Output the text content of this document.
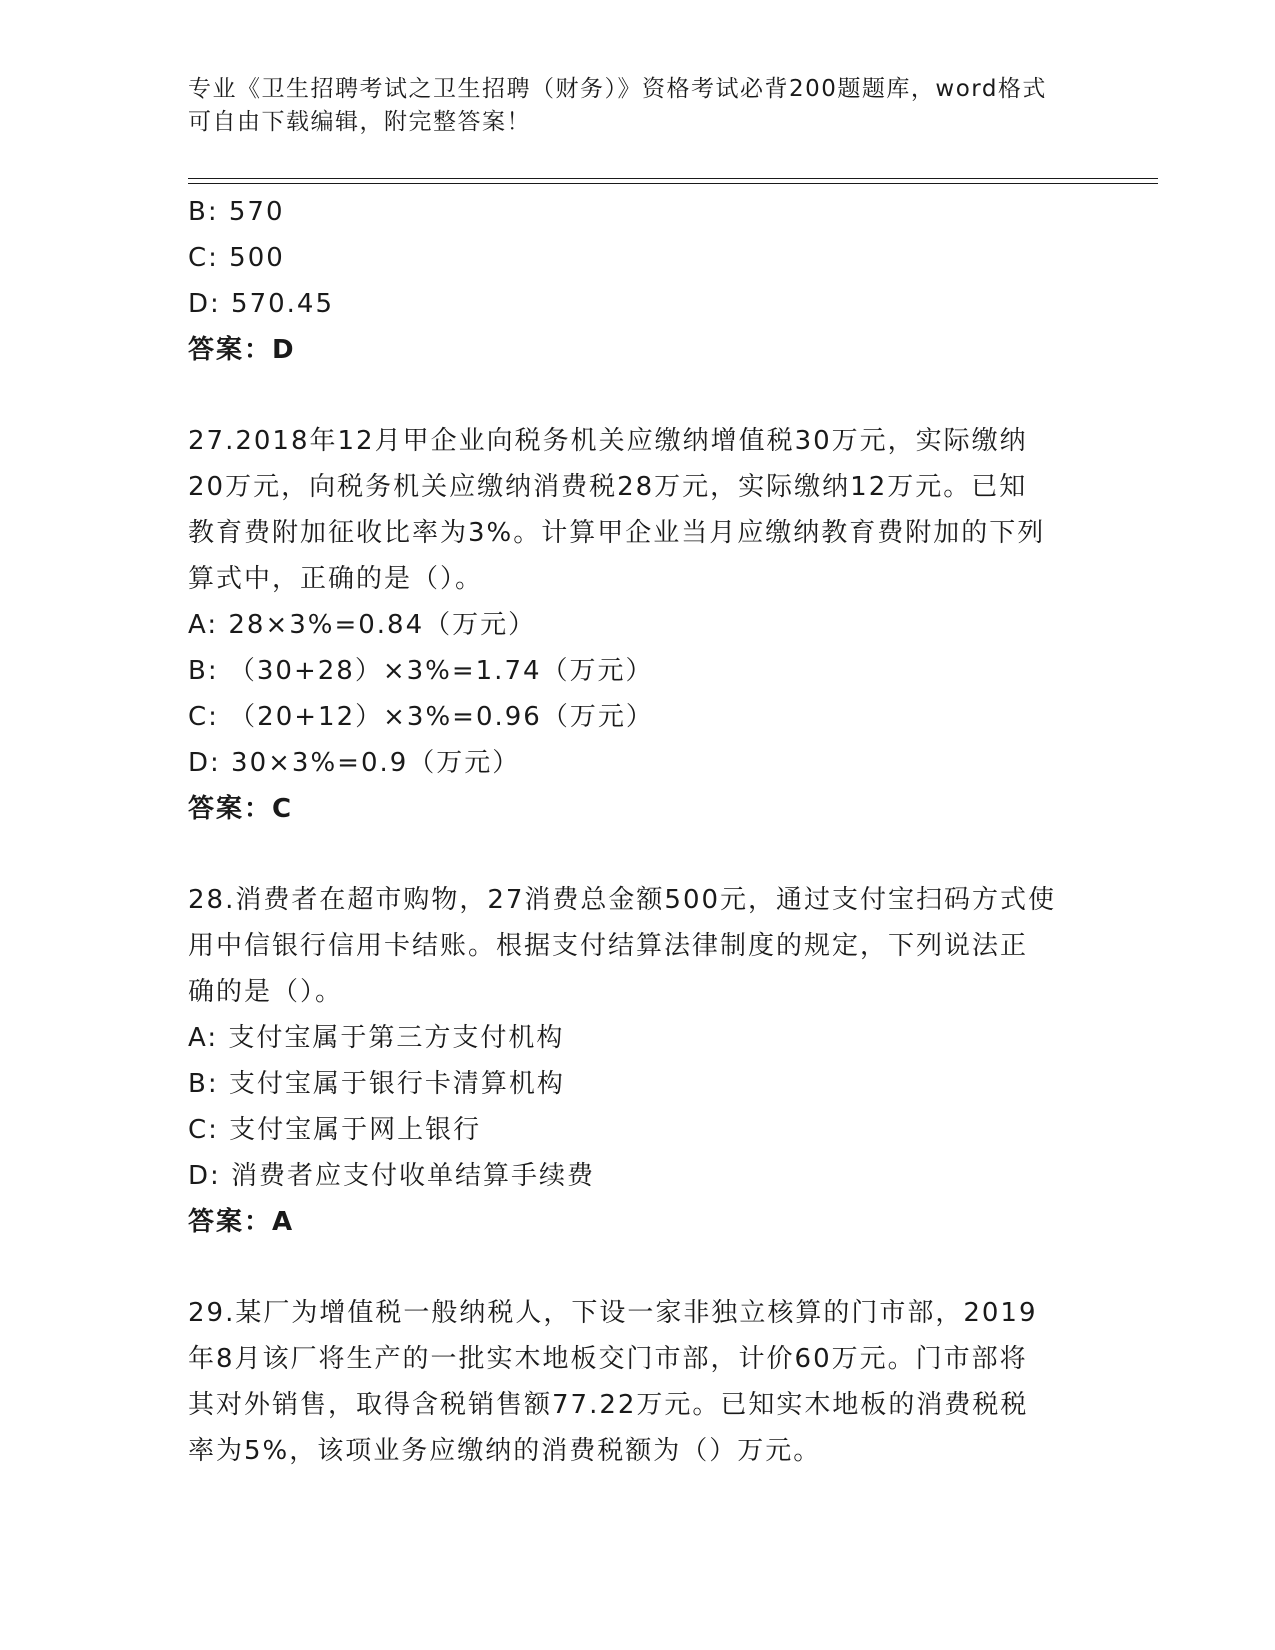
专业《卫生招聘考试之卫生招聘（财务）》资格考试必背200题题库，word格式
可自由下载编辑，附完整答案！
B: 570
C: 500
D: 570.45
答案：D
27.2018年12月甲企业向税务机关应缴纳增值税30万元，实际缴纳
20万元，向税务机关应缴纳消费税28万元，实际缴纳12万元。已知
教育费附加征收比率为3%。计算甲企业当月应缴纳教育费附加的下列
算式中，正确的是（）。
A: 28×3%=0.84（万元）
B: （30+28）×3%=1.74（万元）
C: （20+12）×3%=0.96（万元）
D: 30×3%=0.9（万元）
答案：C
28.消费者在超市购物，27消费总金额500元，通过支付宝扫码方式使
用中信银行信用卡结账。根据支付结算法律制度的规定，下列说法正
确的是（）。
A: 支付宝属于第三方支付机构
B: 支付宝属于银行卡清算机构
C: 支付宝属于网上银行
D: 消费者应支付收单结算手续费
答案：A
29.某厂为增值税一般纳税人，下设一家非独立核算的门市部，2019
年8月该厂将生产的一批实木地板交门市部，计价60万元。门市部将
其对外销售，取得含税销售额77.22万元。已知实木地板的消费税税
率为5%，该项业务应缴纳的消费税额为（）万元。
